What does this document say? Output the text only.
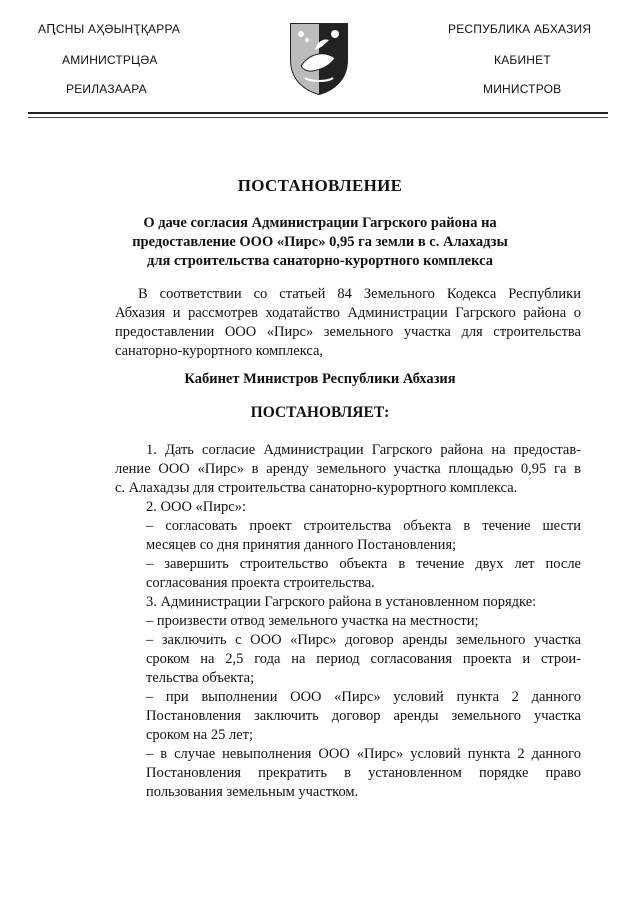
АԤСНЫ АҲӘЫНҬҚАРРА
АМИНИСТРЦӘА
РЕИЛАЗААРА
РЕСПУБЛИКА АБХАЗИЯ
КАБИНЕТ
МИНИСТРОВ
ПОСТАНОВЛЕНИЕ
О даче согласия Администрации Гагрского района на
предоставление ООО «Пирс» 0,95 га земли в с. Алахадзы
для строительства санаторно-курортного комплекса
В соответствии со статьей 84 Земельного Кодекса Республики
Абхазия и рассмотрев ходатайство Администрации Гагрского района о
предоставлении ООО «Пирс» земельного участка для строительства
санаторно-курортного комплекса,
Кабинет Министров Республики Абхазия
ПОСТАНОВЛЯЕТ:
1. Дать согласие Администрации Гагрского района на предостав-
ление ООО «Пирс» в аренду земельного участка площадью 0,95 га в
с. Алахадзы для строительства санаторно-курортного комплекса.
2. ООО «Пирс»:
– согласовать проект строительства объекта в течение шести
месяцев со дня принятия данного Постановления;
– завершить строительство объекта в течение двух лет после
согласования проекта строительства.
3. Администрации Гагрского района в установленном порядке:
– произвести отвод земельного участка на местности;
– заключить с ООО «Пирс» договор аренды земельного участка
сроком на 2,5 года на период согласования проекта и строи-
тельства объекта;
– при выполнении ООО «Пирс» условий пункта 2 данного
Постановления заключить договор аренды земельного участка
сроком на 25 лет;
– в случае невыполнения ООО «Пирс» условий пункта 2 данного
Постановления прекратить в установленном порядке право
пользования земельным участком.
